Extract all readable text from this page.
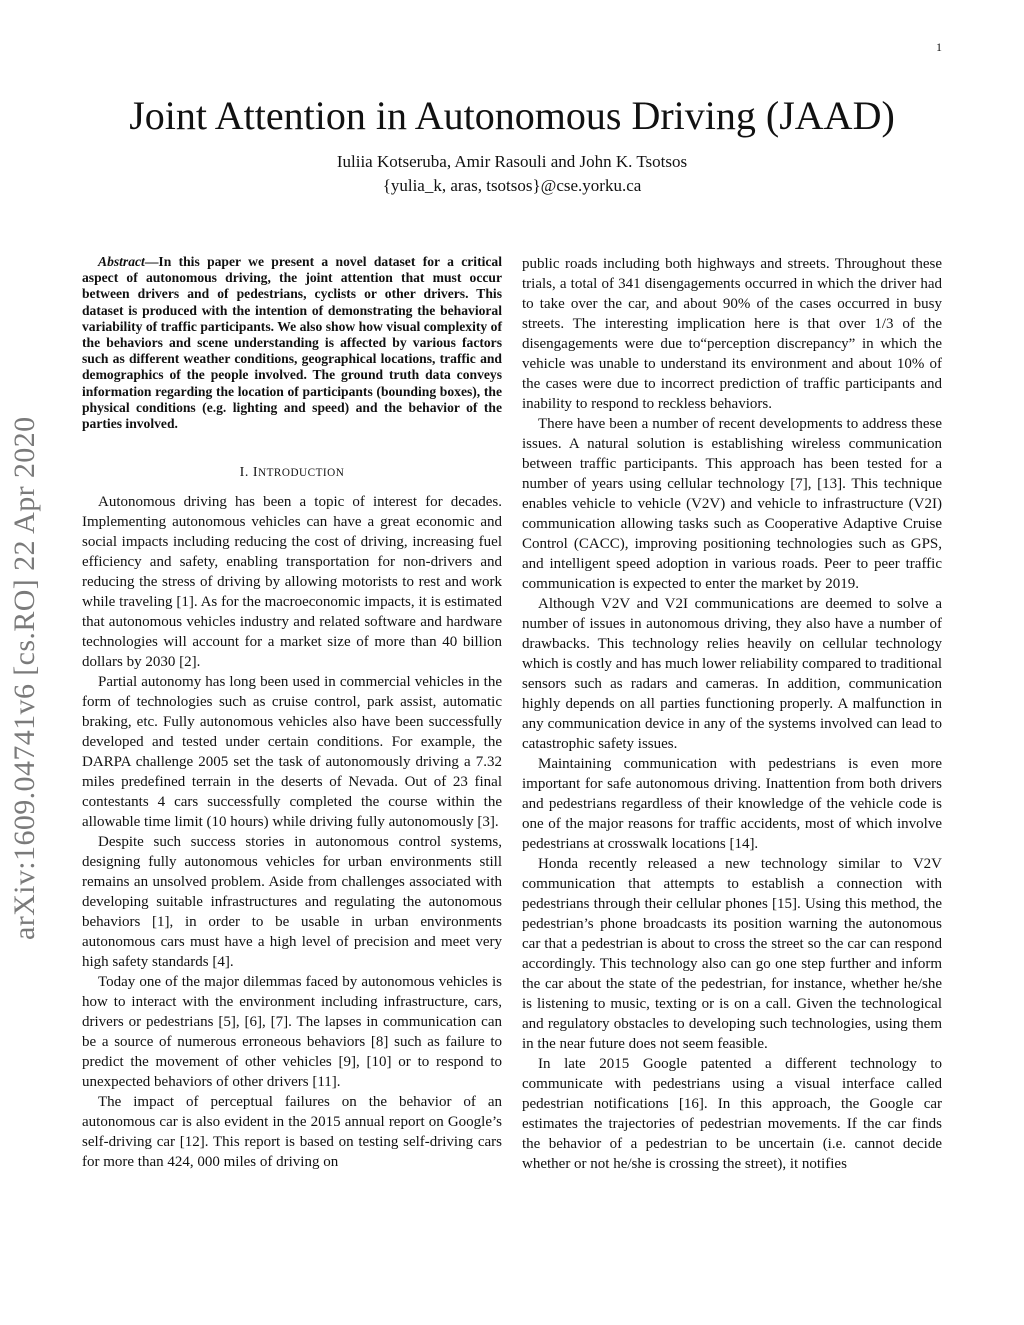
1
arXiv:1609.04741v6 [cs.RO] 22 Apr 2020
Joint Attention in Autonomous Driving (JAAD)
Iuliia Kotseruba, Amir Rasouli and John K. Tsotsos
{yulia_k, aras, tsotsos}@cse.yorku.ca

Abstract—In this paper we present a novel dataset for a critical aspect of autonomous driving, the joint attention that must occur between drivers and of pedestrians, cyclists or other drivers. This dataset is produced with the intention of demonstrating the behavioral variability of traffic participants. We also show how visual complexity of the behaviors and scene understanding is affected by various factors such as different weather conditions, geographical locations, traffic and demographics of the people involved. The ground truth data conveys information regarding the location of participants (bounding boxes), the physical conditions (e.g. lighting and speed) and the behavior of the parties involved.

I. INTRODUCTION

Autonomous driving has been a topic of interest for decades. Implementing autonomous vehicles can have a great economic and social impacts including reducing the cost of driving, increasing fuel efficiency and safety, enabling transportation for non-drivers and reducing the stress of driving by allowing motorists to rest and work while traveling [1]. As for the macroeconomic impacts, it is estimated that autonomous vehicles industry and related software and hardware technologies will account for a market size of more than 40 billion dollars by 2030 [2].

Partial autonomy has long been used in commercial vehicles in the form of technologies such as cruise control, park assist, automatic braking, etc. Fully autonomous vehicles also have been successfully developed and tested under certain conditions. For example, the DARPA challenge 2005 set the task of autonomously driving a 7.32 miles predefined terrain in the deserts of Nevada. Out of 23 final contestants 4 cars successfully completed the course within the allowable time limit (10 hours) while driving fully autonomously [3].

Despite such success stories in autonomous control systems, designing fully autonomous vehicles for urban environments still remains an unsolved problem. Aside from challenges associated with developing suitable infrastructures and regulating the autonomous behaviors [1], in order to be usable in urban environments autonomous cars must have a high level of precision and meet very high safety standards [4].

Today one of the major dilemmas faced by autonomous vehicles is how to interact with the environment including infrastructure, cars, drivers or pedestrians [5], [6], [7]. The lapses in communication can be a source of numerous erroneous behaviors [8] such as failure to predict the movement of other vehicles [9], [10] or to respond to unexpected behaviors of other drivers [11].

The impact of perceptual failures on the behavior of an autonomous car is also evident in the 2015 annual report on Google’s self-driving car [12]. This report is based on testing self-driving cars for more than 424, 000 miles of driving on

public roads including both highways and streets. Throughout these trials, a total of 341 disengagements occurred in which the driver had to take over the car, and about 90% of the cases occurred in busy streets. The interesting implication here is that over 1/3 of the disengagements were due to“perception discrepancy” in which the vehicle was unable to understand its environment and about 10% of the cases were due to incorrect prediction of traffic participants and inability to respond to reckless behaviors.

There have been a number of recent developments to address these issues. A natural solution is establishing wireless communication between traffic participants. This approach has been tested for a number of years using cellular technology [7], [13]. This technique enables vehicle to vehicle (V2V) and vehicle to infrastructure (V2I) communication allowing tasks such as Cooperative Adaptive Cruise Control (CACC), improving positioning technologies such as GPS, and intelligent speed adoption in various roads. Peer to peer traffic communication is expected to enter the market by 2019.

Although V2V and V2I communications are deemed to solve a number of issues in autonomous driving, they also have a number of drawbacks. This technology relies heavily on cellular technology which is costly and has much lower reliability compared to traditional sensors such as radars and cameras. In addition, communication highly depends on all parties functioning properly. A malfunction in any communication device in any of the systems involved can lead to catastrophic safety issues.

Maintaining communication with pedestrians is even more important for safe autonomous driving. Inattention from both drivers and pedestrians regardless of their knowledge of the vehicle code is one of the major reasons for traffic accidents, most of which involve pedestrians at crosswalk locations [14].

Honda recently released a new technology similar to V2V communication that attempts to establish a connection with pedestrians through their cellular phones [15]. Using this method, the pedestrian’s phone broadcasts its position warning the autonomous car that a pedestrian is about to cross the street so the car can respond accordingly. This technology also can go one step further and inform the car about the state of the pedestrian, for instance, whether he/she is listening to music, texting or is on a call. Given the technological and regulatory obstacles to developing such technologies, using them in the near future does not seem feasible.

In late 2015 Google patented a different technology to communicate with pedestrians using a visual interface called pedestrian notifications [16]. In this approach, the Google car estimates the trajectories of pedestrian movements. If the car finds the behavior of a pedestrian to be uncertain (i.e. cannot decide whether or not he/she is crossing the street), it notifies
